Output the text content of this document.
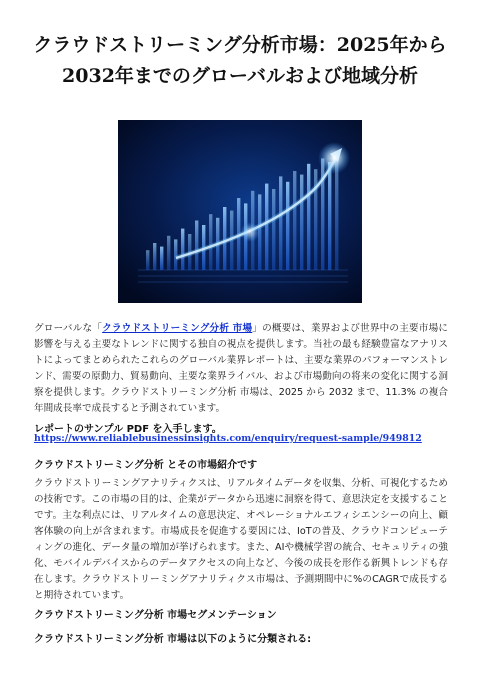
クラウドストリーミング分析市場：2025年から
2032年までのグローバルおよび地域分析

グローバルな「クラウドストリーミング分析 市場」の概要は、業界および世界中の主要市場に影響を与える主要なトレンドに関する独自の視点を提供します。当社の最も経験豊富なアナリストによってまとめられたこれらのグローバル業界レポートは、主要な業界のパフォーマンストレンド、需要の原動力、貿易動向、主要な業界ライバル、および市場動向の将来の変化に関する洞察を提供します。クラウドストリーミング分析 市場は、2025 から 2032 まで、11.3% の複合年間成長率で成長すると予測されています。

レポートのサンプル PDF を入手します。

https://www.reliablebusinessinsights.com/enquiry/request-sample/949812

クラウドストリーミング分析 とその市場紹介です

クラウドストリーミングアナリティクスは、リアルタイムデータを収集、分析、可視化するための技術です。この市場の目的は、企業がデータから迅速に洞察を得て、意思決定を支援することです。主な利点には、リアルタイムの意思決定、オペレーショナルエフィシエンシーの向上、顧客体験の向上が含まれます。市場成長を促進する要因には、IoTの普及、クラウドコンピューティングの進化、データ量の増加が挙げられます。また、AIや機械学習の統合、セキュリティの強化、モバイルデバイスからのデータアクセスの向上など、今後の成長を形作る新興トレンドも存在します。クラウドストリーミングアナリティクス市場は、予測期間中に%のCAGRで成長すると期待されています。

クラウドストリーミング分析 市場セグメンテーション

クラウドストリーミング分析 市場は以下のように分類される:
